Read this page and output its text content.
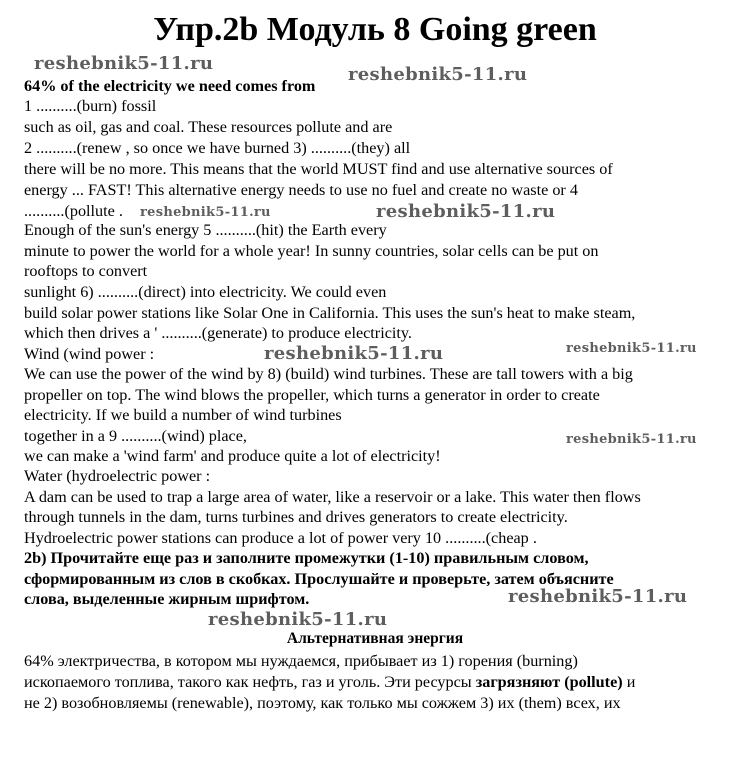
Упр.2b Модуль 8 Going green
64% of the electricity we need comes from
1 ..........(burn) fossil
such as oil, gas and coal. These resources pollute and are
2 ..........(renew , so once we have burned 3) ..........(they) all
there will be no more. This means that the world MUST find and use alternative sources of
energy ... FAST! This alternative energy needs to use no fuel and create no waste or 4
..........(pollute .
Enough of the sun's energy 5 ..........(hit) the Earth every
minute to power the world for a whole year! In sunny countries, solar cells can be put on
rooftops to convert
sunlight 6) ..........(direct) into electricity. We could even
build solar power stations like Solar One in California. This uses the sun's heat to make steam,
which then drives a ' ..........(generate) to produce electricity.
Wind (wind power :
We can use the power of the wind by 8) (build) wind turbines. These are tall towers with a big
propeller on top. The wind blows the propeller, which turns a generator in order to create
electricity. If we build a number of wind turbines
together in a 9 ..........(wind) place,
we can make a 'wind farm' and produce quite a lot of electricity!
Water (hydroelectric power :
A dam can be used to trap a large area of water, like a reservoir or a lake. This water then flows
through tunnels in the dam, turns turbines and drives generators to create electricity.
Hydroelectric power stations can produce a lot of power very 10 ..........(cheap .
2b) Прочитайте еще раз и заполните промежутки (1-10) правильным словом,
сформированным из слов в скобках. Прослушайте и проверьте, затем объясните
слова, выделенные жирным шрифтом.
Альтернативная энергия
64% электричества, в котором мы нуждаемся, прибывает из 1) горения (burning)
ископаемого топлива, такого как нефть, газ и уголь. Эти ресурсы загрязняют (pollute) и
не 2) возобновляемы (renewable), поэтому, как только мы сожжем 3) их (them) всех, их
reshebnik5-11.ru
reshebnik5-11.ru
reshebnik5-11.ru	reshebnik5-11.ru
reshebnik5-11.ru	reshebnik5-11.ru
reshebnik5-11.ru
reshebnik5-11.ru
reshebnik5-11.ru
